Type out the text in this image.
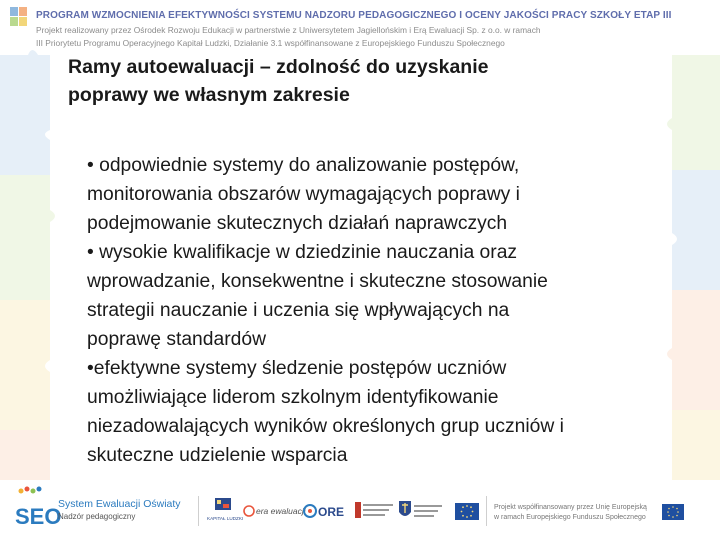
PROGRAM WZMOCNIENIA EFEKTYWNOŚCI SYSTEMU NADZORU PEDAGOGICZNEGO I OCENY JAKOŚCI PRACY SZKOŁY ETAP III
Projekt realizowany przez Ośrodek Rozwoju Edukacji w partnerstwie z Uniwersytetem Jagiellońskim i Erą Ewaluacji Sp. z o.o. w ramach
III Priorytetu Programu Operacyjnego Kapitał Ludzki, Działanie 3.1 współfinansowane z Europejskiego Funduszu Społecznego
Ramy autoewaluacji – zdolność do uzyskanie
poprawy we własnym zakresie
• odpowiednie systemy do analizowanie postępów,
monitorowania obszarów wymagających poprawy i
podejmowanie skutecznych działań naprawczych
• wysokie kwalifikacje w dziedzinie nauczania oraz
wprowadzanie, konsekwentne i skuteczne stosowanie
strategii nauczanie i uczenia się wpływających na
poprawę standardów
•efektywne systemy śledzenie postępów uczniów
umożliwiające liderom szkolnym identyfikowanie
niezadowalających wyników określonych grup uczniów i
skuteczne udzielenie wsparcia
SEO
System Ewaluacji Oświaty
Nadzór pedagogiczny	KAPITAŁ LUDZKI
era ewaluacji ORE	Projekt współfinansowany przez Unię Europejską
w ramach Europejskiego Funduszu Społecznego
